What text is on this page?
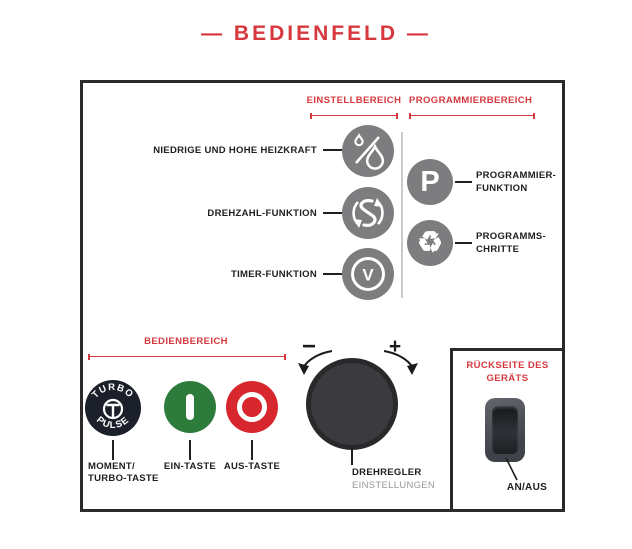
— BEDIENFELD —
EINSTELLBEREICH PROGRAMMIERBEREICH
NIEDRIGE UND HOHE HEIZKRAFT
DREHZAHL-FUNKTION
TIMER-FUNKTION	V
P	PROGRAMMIER-
FUNKTION
♻	PROGRAMMS-
CHRITTE
BEDIENBEREICH
TURBO
PULSE
MOMENT/
TURBO-TASTE
EIN-TASTE AUS-TASTE
−	+
DREHREGLER
EINSTELLUNGEN
RÜCKSEITE DES
GERÄTS
AN/AUS
